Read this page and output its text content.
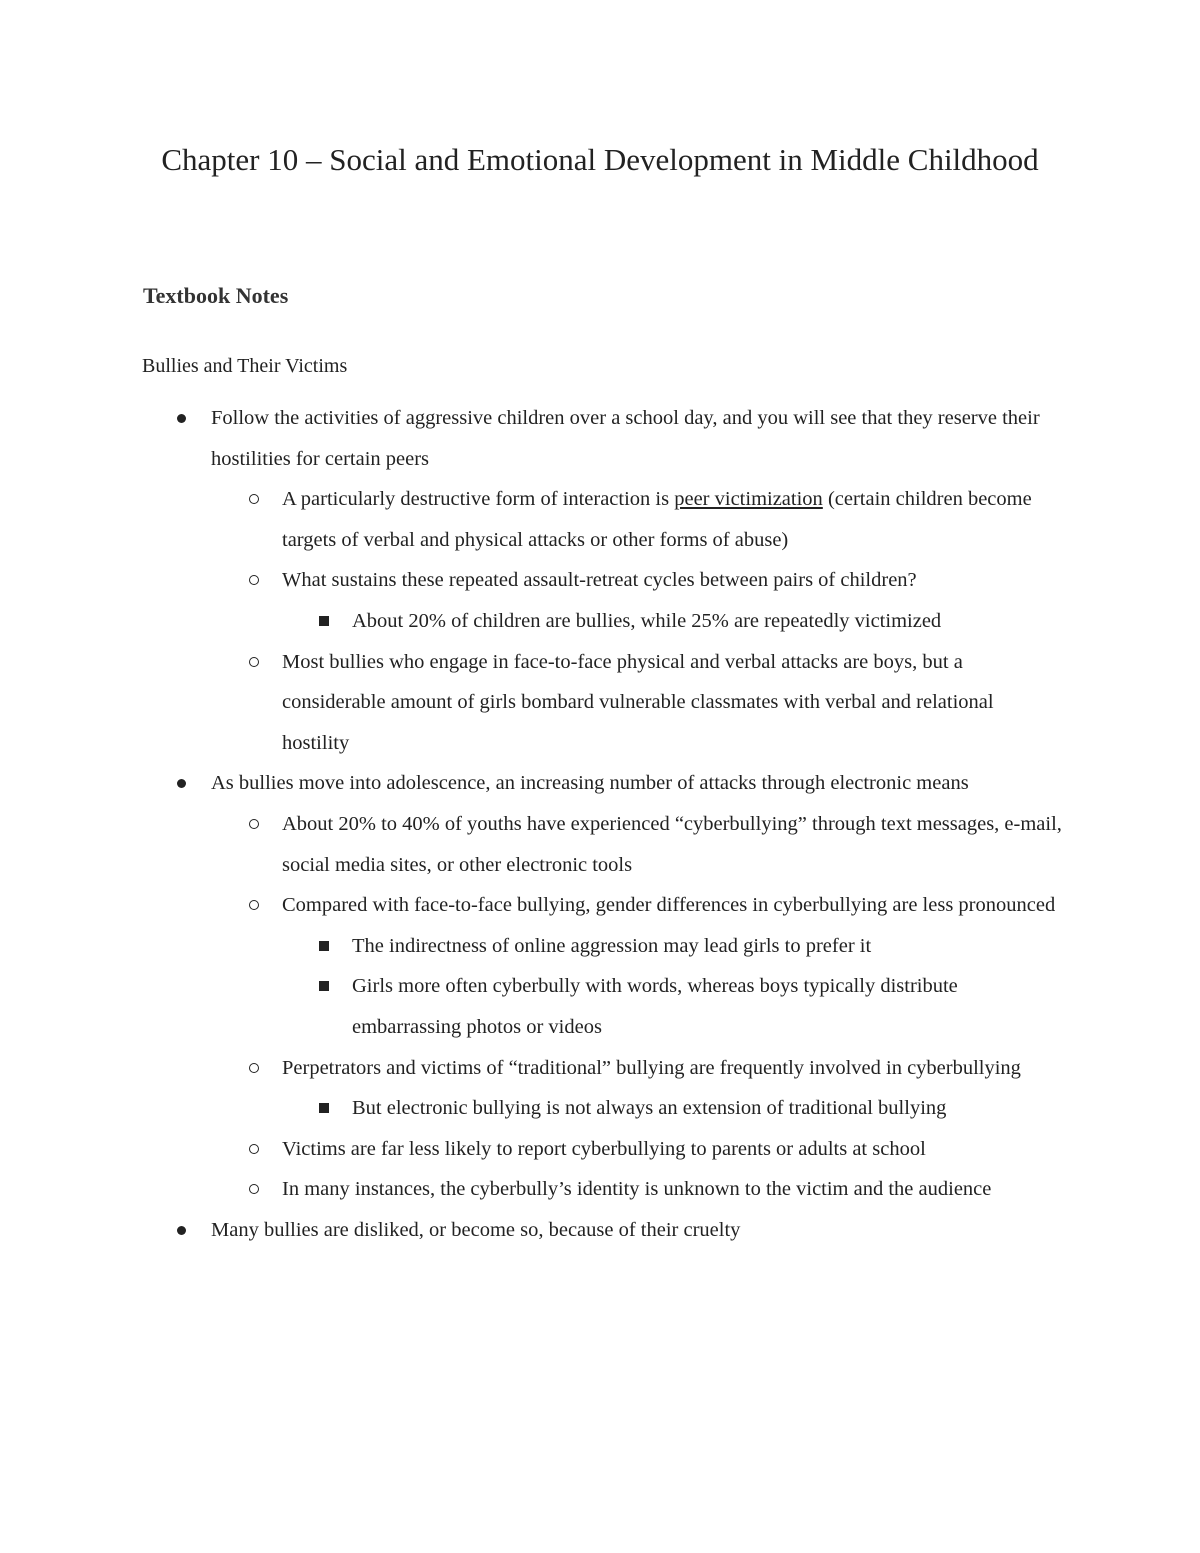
Chapter 10 – Social and Emotional Development in Middle Childhood
Textbook Notes

Bullies and Their Victims

Follow the activities of aggressive children over a school day, and you will see that they reserve their hostilities for certain peers
A particularly destructive form of interaction is peer victimization (certain children become targets of verbal and physical attacks or other forms of abuse)
What sustains these repeated assault-retreat cycles between pairs of children?
About 20% of children are bullies, while 25% are repeatedly victimized
Most bullies who engage in face-to-face physical and verbal attacks are boys, but a considerable amount of girls bombard vulnerable classmates with verbal and relational hostility
As bullies move into adolescence, an increasing number of attacks through electronic means
About 20% to 40% of youths have experienced “cyberbullying” through text messages, e-mail, social media sites, or other electronic tools
Compared with face-to-face bullying, gender differences in cyberbullying are less pronounced
The indirectness of online aggression may lead girls to prefer it
Girls more often cyberbully with words, whereas boys typically distribute embarrassing photos or videos
Perpetrators and victims of “traditional” bullying are frequently involved in cyberbullying
But electronic bullying is not always an extension of traditional bullying
Victims are far less likely to report cyberbullying to parents or adults at school
In many instances, the cyberbully’s identity is unknown to the victim and the audience
Many bullies are disliked, or become so, because of their cruelty
